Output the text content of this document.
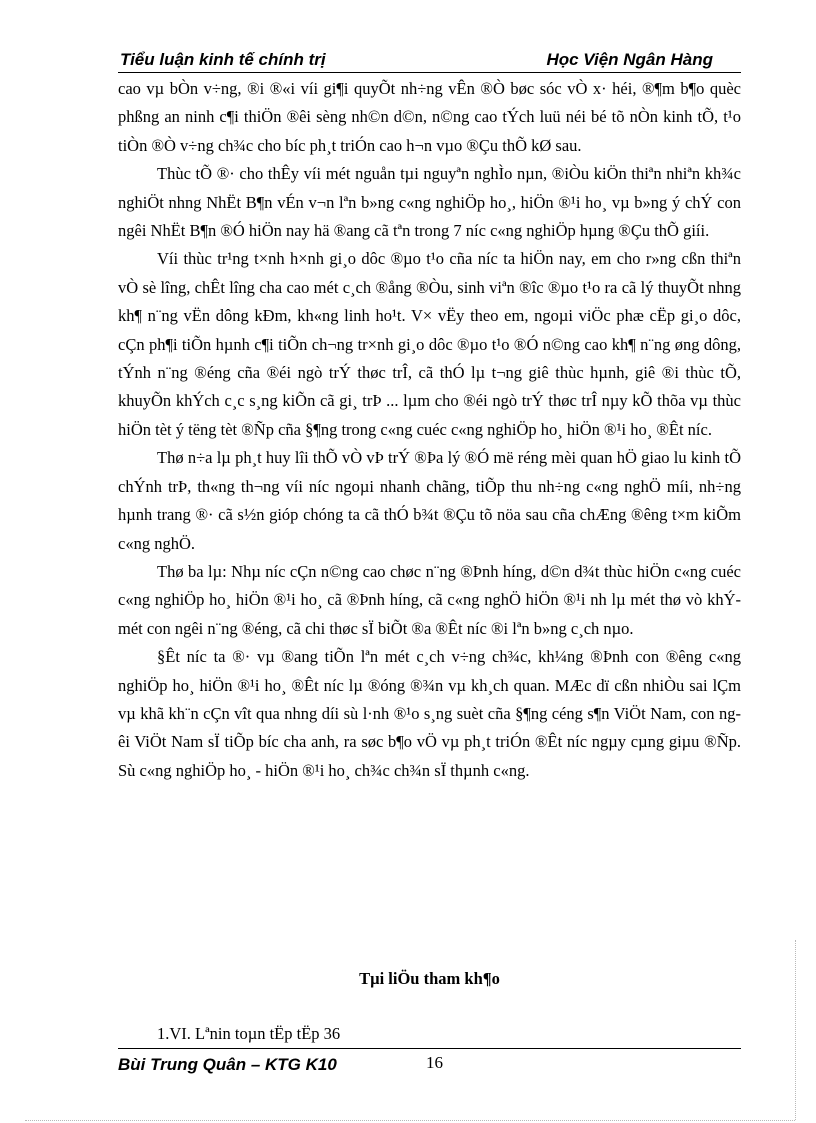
Tiểu luận kinh tế chính trị	Học Viện Ngân Hàng

cao vµ bÒn v÷ng, ®i ®«i víi gi¶i quyÕt nh÷ng vÊn ®Ò bøc sóc vÒ x· héi, ®¶m b¶o quèc phßng an ninh c¶i thiÖn ®êi sèng nh©n d©n, n©ng cao tÝch luü néi bé tõ nÒn kinh tÕ, t¹o tiÒn ®Ò v÷ng ch¾c cho bíc ph¸t triÓn cao h¬n vµo ®Çu thÕ kØ sau.

Thùc tÕ ®· cho thÊy víi mét nguån tµi nguyªn nghÌo nµn, ®iÒu kiÖn thiªn nhiªn kh¾c nghiÖt nhng NhËt B¶n vÉn v¬n lªn b»ng c«ng nghiÖp ho¸, hiÖn ®¹i ho¸ vµ b»ng ý chÝ con ngêi NhËt B¶n ®Ó hiÖn nay hä ®ang cã tªn trong 7 níc c«ng nghiÖp hµng ®Çu thÕ giíi.

Víi thùc tr¹ng t×nh h×nh gi¸o dôc ®µo t¹o cña níc ta hiÖn nay, em cho r»ng cßn thiªn vÒ sè lîng, chÊt lîng cha cao mét c¸ch ®ång ®Òu, sinh viªn ®îc ®µo t¹o ra cã lý thuyÕt nhng kh¶ n¨ng vËn dông kÐm, kh«ng linh ho¹t. V× vËy theo em, ngoµi viÖc phæ cËp gi¸o dôc, cÇn ph¶i tiÕn hµnh c¶i tiÕn ch¬ng tr×nh gi¸o dôc ®µo t¹o ®Ó n©ng cao kh¶ n¨ng øng dông, tÝnh n¨ng ®éng cña ®éi ngò trÝ thøc trÎ, cã thÓ lµ t¬ng giê thùc hµnh, giê ®i thùc tÕ, khuyÕn khÝch c¸c s¸ng kiÕn cã gi¸ trÞ ... lµm cho ®éi ngò trÝ thøc trÎ nµy kÕ thõa vµ thùc hiÖn tèt ý tëng tèt ®Ñp cña §¶ng trong c«ng cuéc c«ng nghiÖp ho¸ hiÖn ®¹i ho¸ ®Êt níc.

Thø n÷a lµ ph¸t huy lîi thÕ vÒ vÞ trÝ ®Þa lý ®Ó më réng mèi quan hÖ giao lu kinh tÕ chÝnh trÞ, th«ng th¬ng víi níc ngoµi nhanh chãng, tiÕp thu nh÷ng c«ng nghÖ míi, nh÷ng hµnh trang ®· cã s½n gióp chóng ta cã thÓ b¾t ®Çu tõ nöa sau cña chÆng ®êng t×m kiÕm c«ng nghÖ.

Thø ba lµ: Nhµ níc cÇn n©ng cao chøc n¨ng ®Þnh híng, d©n d¾t thùc hiÖn c«ng cuéc c«ng nghiÖp ho¸ hiÖn ®¹i ho¸ cã ®Þnh híng, cã c«ng nghÖ hiÖn ®¹i nh lµ mét thø vò khÝ- mét con ngêi n¨ng ®éng, cã chi thøc sÏ biÕt ®a ®Êt níc ®i lªn b»ng c¸ch nµo.

§Êt níc ta ®· vµ ®ang tiÕn lªn mét c¸ch v÷ng ch¾c, kh¼ng ®Þnh con ®êng c«ng nghiÖp ho¸ hiÖn ®¹i ho¸ ®Êt níc lµ ®óng ®¾n vµ kh¸ch quan. MÆc dï cßn nhiÒu sai lÇm vµ khã kh¨n cÇn vît qua nhng díi sù l·nh ®¹o s¸ng suèt cña §¶ng céng s¶n ViÖt Nam, con ngêi ViÖt Nam sÏ tiÕp bíc cha anh, ra søc b¶o vÖ vµ ph¸t triÓn ®Êt níc ngµy cµng giµu ®Ñp. Sù c«ng nghiÖp ho¸ - hiÖn ®¹i ho¸ ch¾c ch¾n sÏ thµnh c«ng.

Tµi liÖu tham kh¶o
1.VI. Lªnin toµn tËp tËp 36
Bùi Trung Quân – KTG K10	16
